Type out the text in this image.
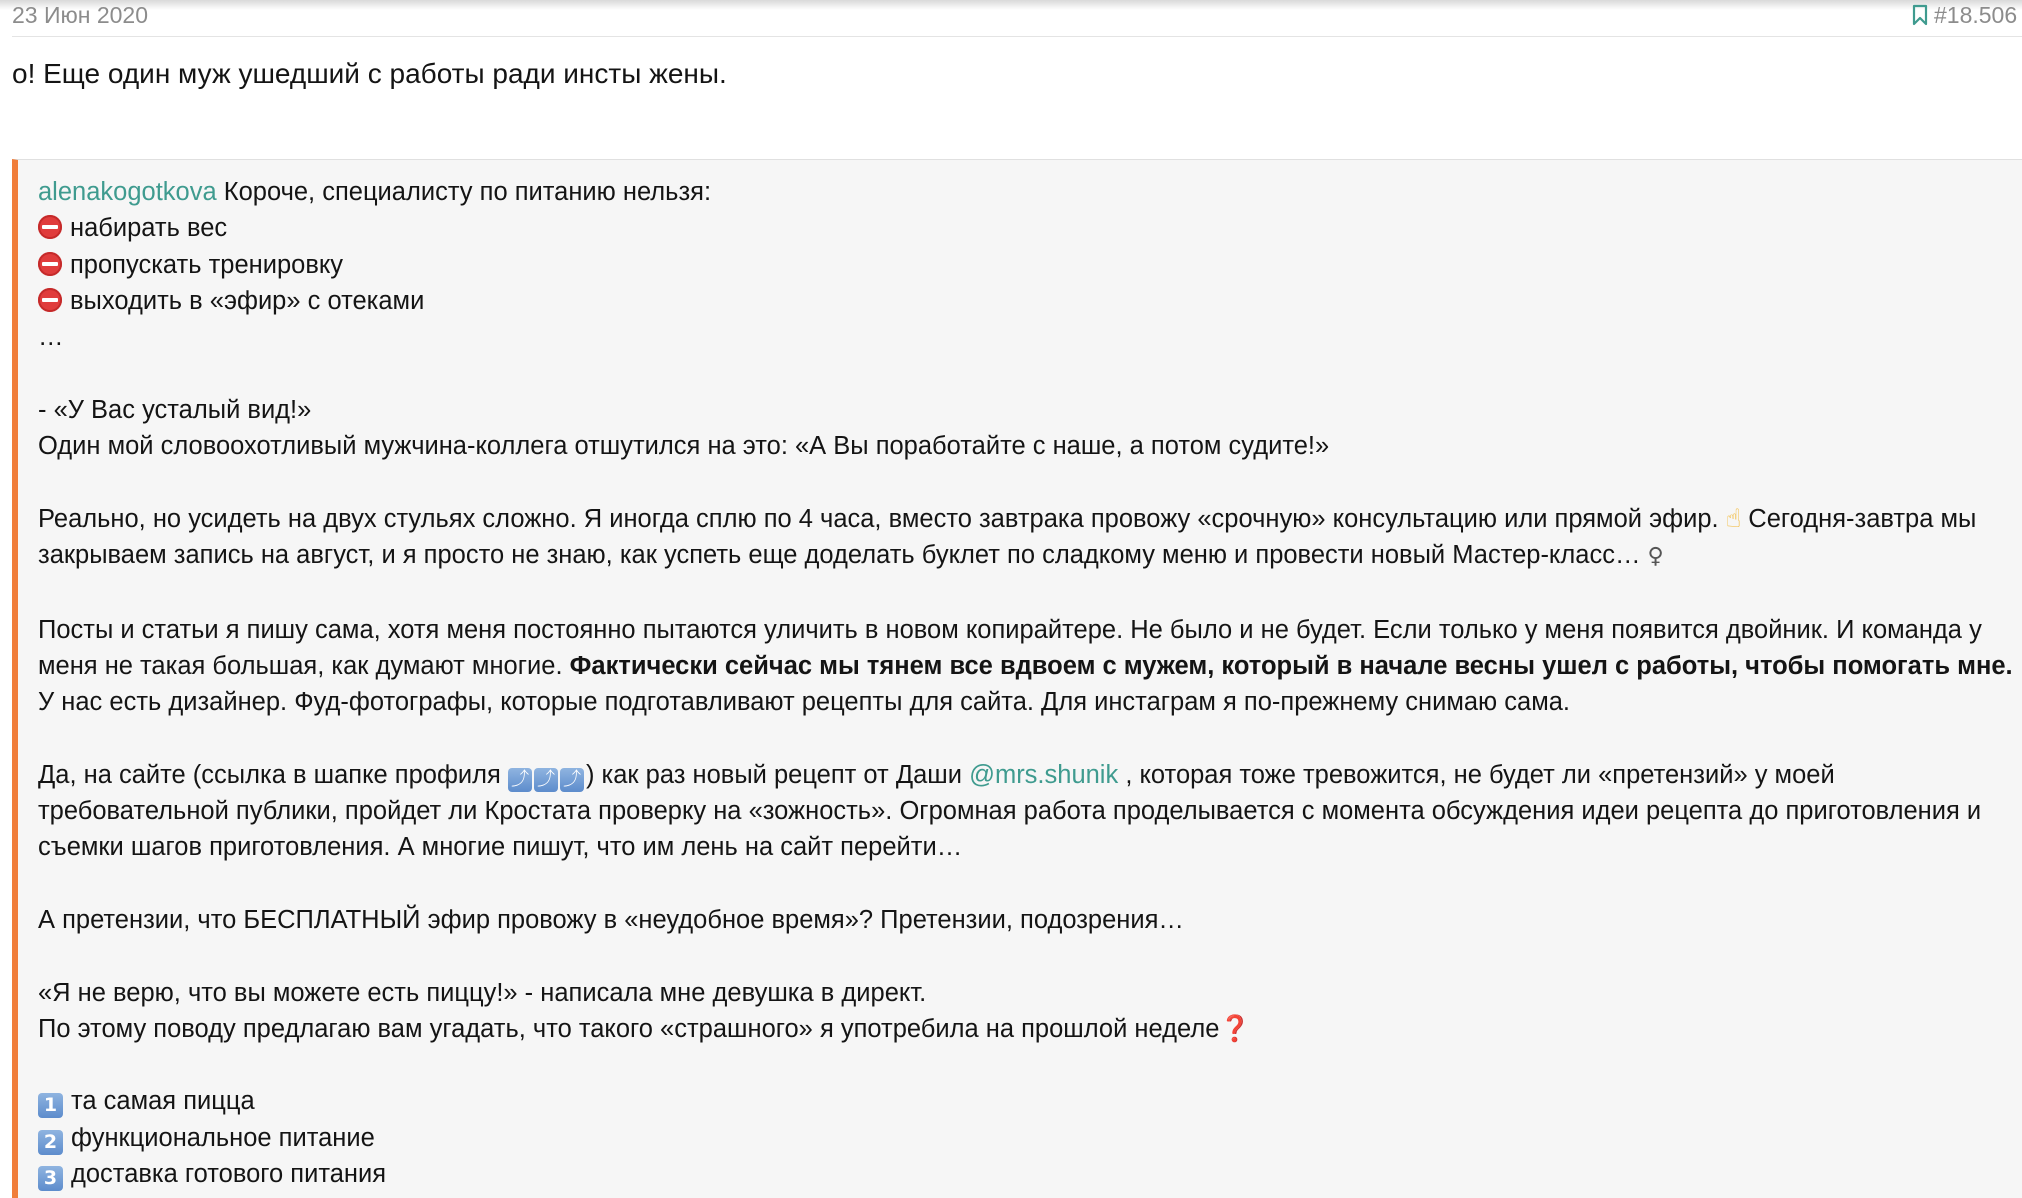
23 Июн 2020	#18.506
о! Еще один муж ушедший с работы ради инсты жены.

alenakogotkova Короче, специалисту по питанию нельзя:

набирать вес

пропускать тренировку

выходить в «эфир» с отеками

…

- «У Вас усталый вид!»

Один мой словоохотливый мужчина-коллега отшутился на это: «А Вы поработайте с наше, а потом судите!»

Реально, но усидеть на двух стульях сложно. Я иногда сплю по 4 часа, вместо завтрака провожу «срочную» консультацию или прямой эфир. ☝ Сегодня-завтра мы закрываем запись на август, и я просто не знаю, как успеть еще доделать буклет по сладкому меню и провести новый Мастер-класс… ♀

Посты и статьи я пишу сама, хотя меня постоянно пытаются уличить в новом копирайтере. Не было и не будет. Если только у меня появится двойник. И команда у меня не такая большая, как думают многие. Фактически сейчас мы тянем все вдвоем с мужем, который в начале весны ушел с работы, чтобы помогать мне. У нас есть дизайнер. Фуд-фотографы, которые подготавливают рецепты для сайта. Для инстаграм я по-прежнему снимаю сама.

Да, на сайте (ссылка в шапке профиля ⤴ ⤴ ⤴ ) как раз новый рецепт от Даши @mrs.shunik , которая тоже тревожится, не будет ли «претензий» у моей требовательной публики, пройдет ли Кростата проверку на «зожность». Огромная работа проделывается с момента обсуждения идеи рецепта до приготовления и съемки шагов приготовления. А многие пишут, что им лень на сайт перейти…

А претензии, что БЕСПЛАТНЫЙ эфир провожу в «неудобное время»? Претензии, подозрения…

«Я не верю, что вы можете есть пиццу!» - написала мне девушка в директ.

По этому поводу предлагаю вам угадать, что такого «страшного» я употребила на прошлой неделе❓

1 та самая пицца

2 функциональное питание

3 доставка готового питания
